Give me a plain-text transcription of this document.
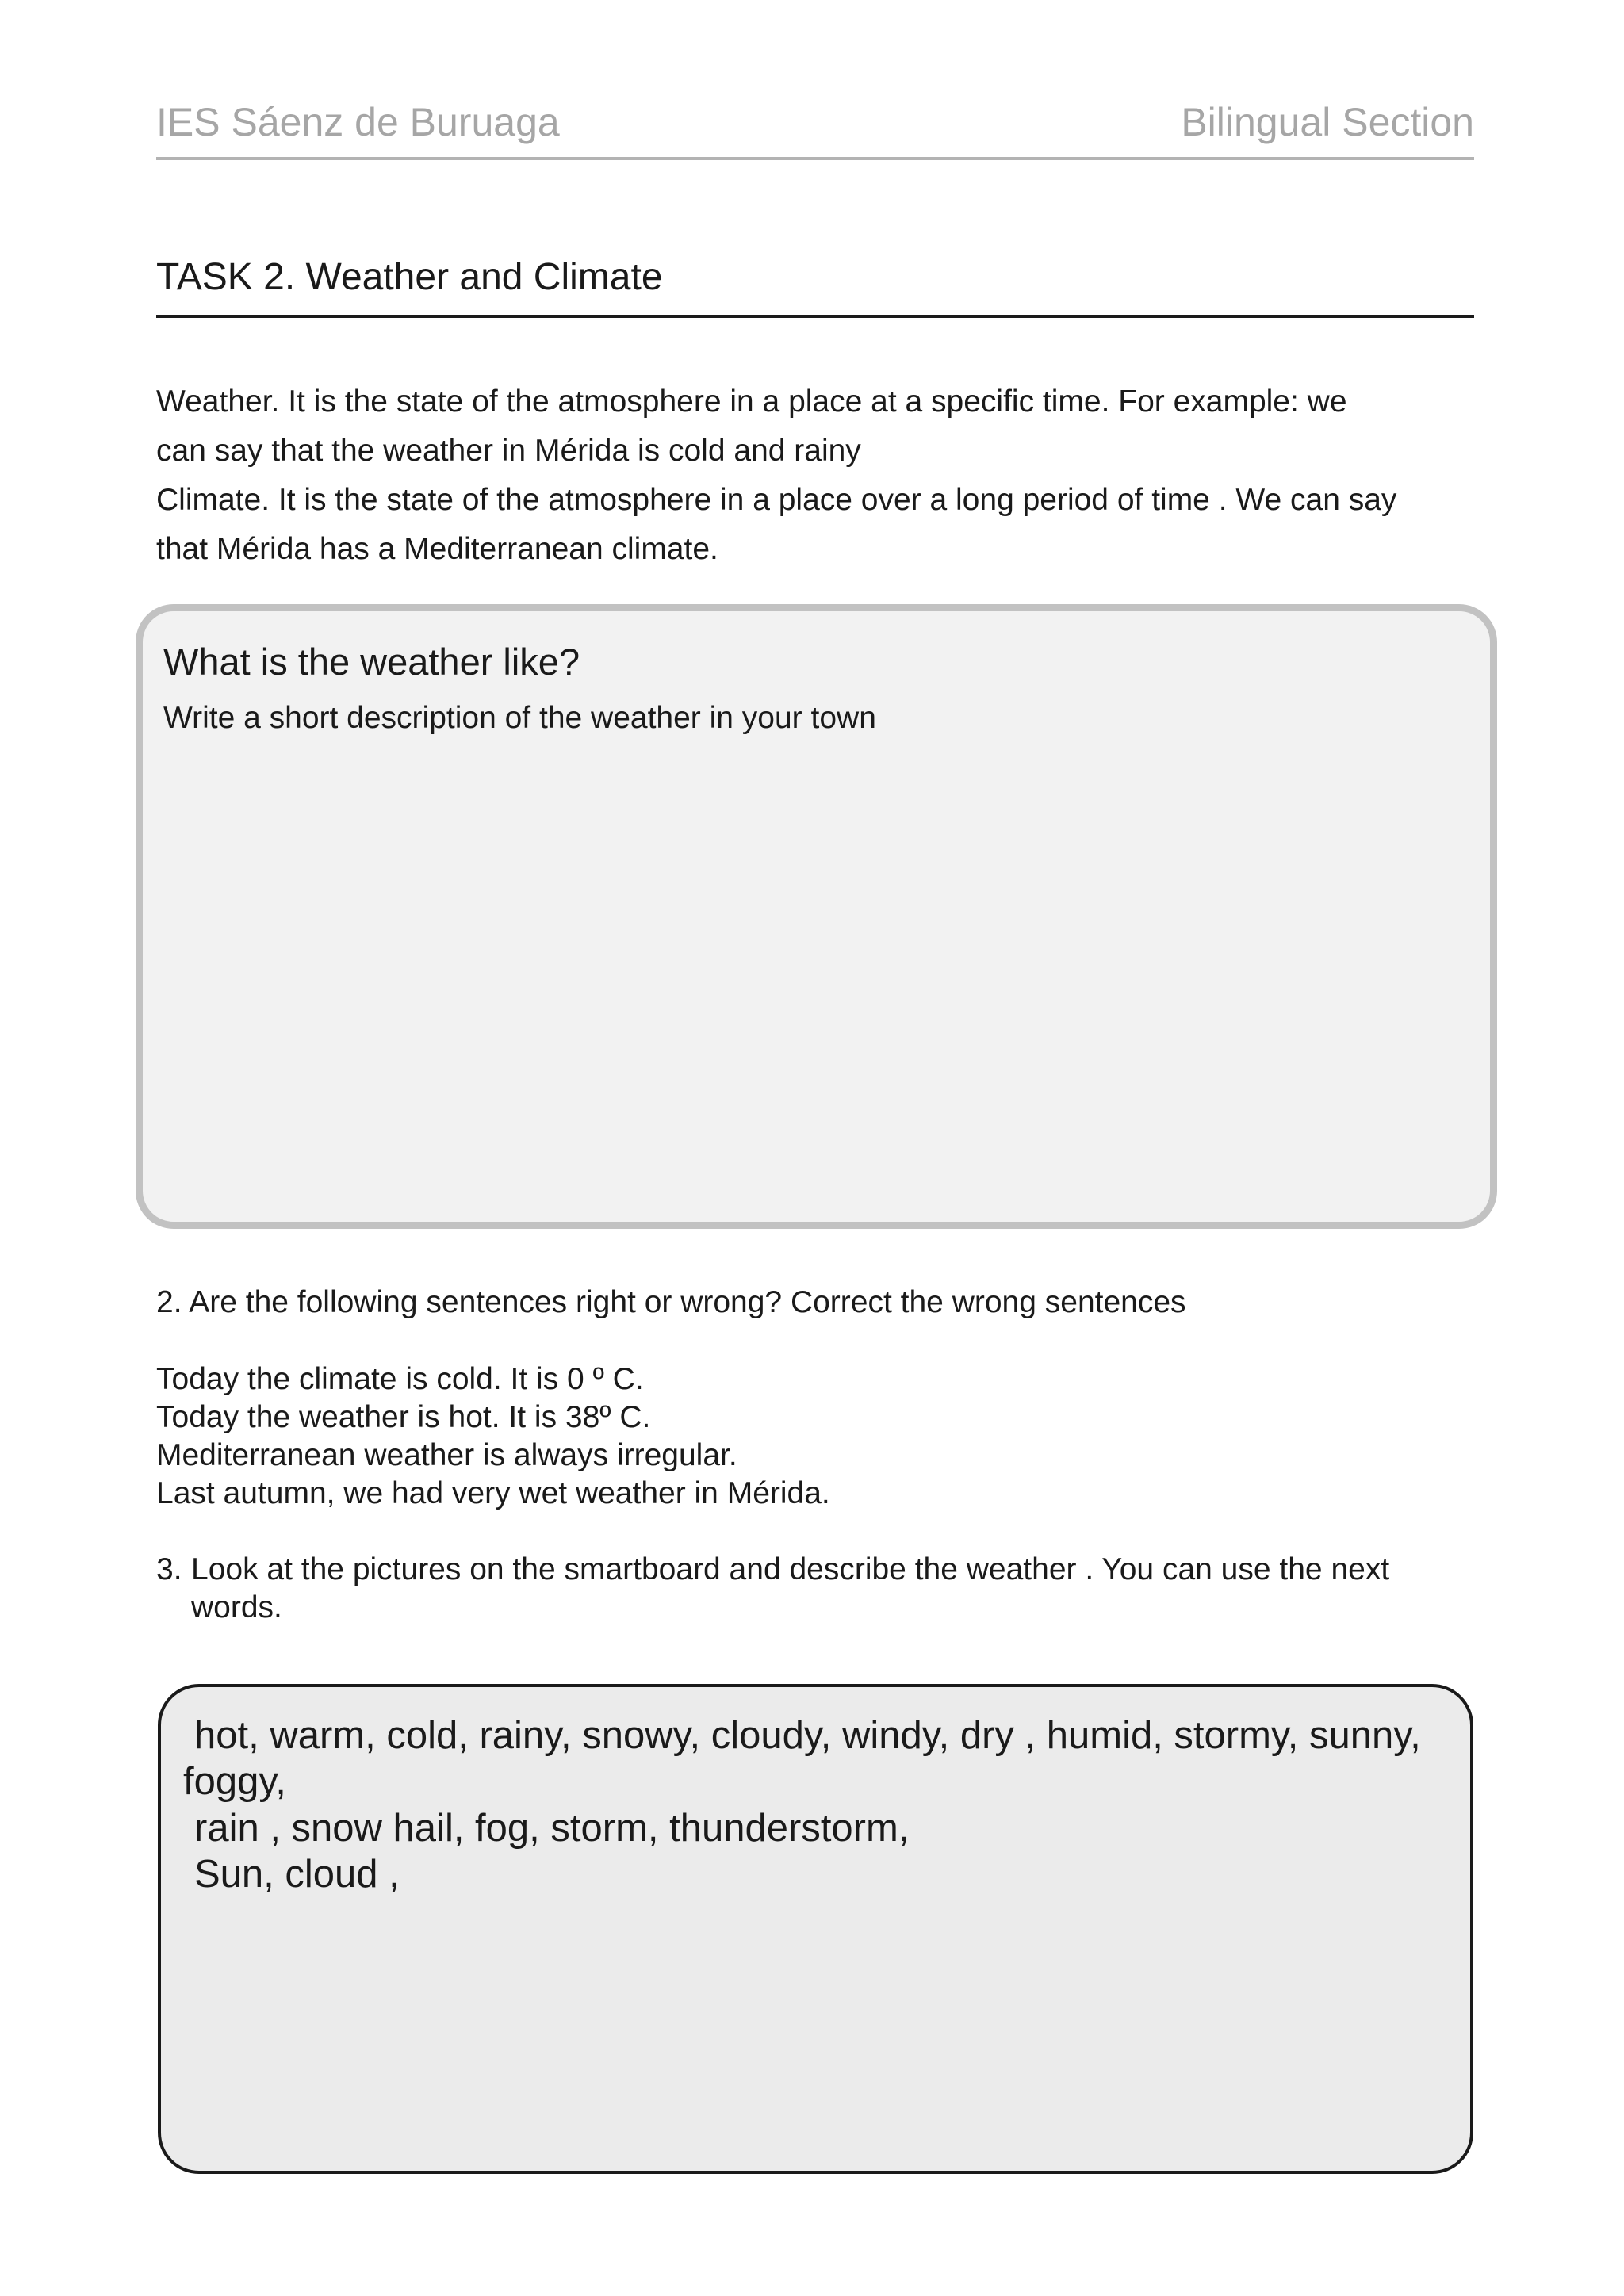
IES Sáenz de Buruaga	Bilingual Section
TASK 2. Weather and Climate

Weather. It is the state of the atmosphere in a place at a specific time. For example: we

can say that the weather in Mérida is cold and rainy

Climate. It is the state of the atmosphere in a place over a long period of time . We can say

that Mérida has a Mediterranean climate.

What is the weather like?
Write a short description of the weather in your town
2. Are the following sentences right or wrong? Correct the wrong sentences
Today the climate is cold. It is 0 º C.
Today the weather is hot. It is 38º C.
Mediterranean weather is always irregular.
Last autumn, we had very wet weather in Mérida.
3. Look at the pictures on the smartboard and describe the weather . You can use the next
words.
hot, warm, cold, rainy, snowy, cloudy, windy, dry , humid, stormy, sunny,
foggy,
rain , snow hail, fog, storm, thunderstorm,
Sun, cloud ,
